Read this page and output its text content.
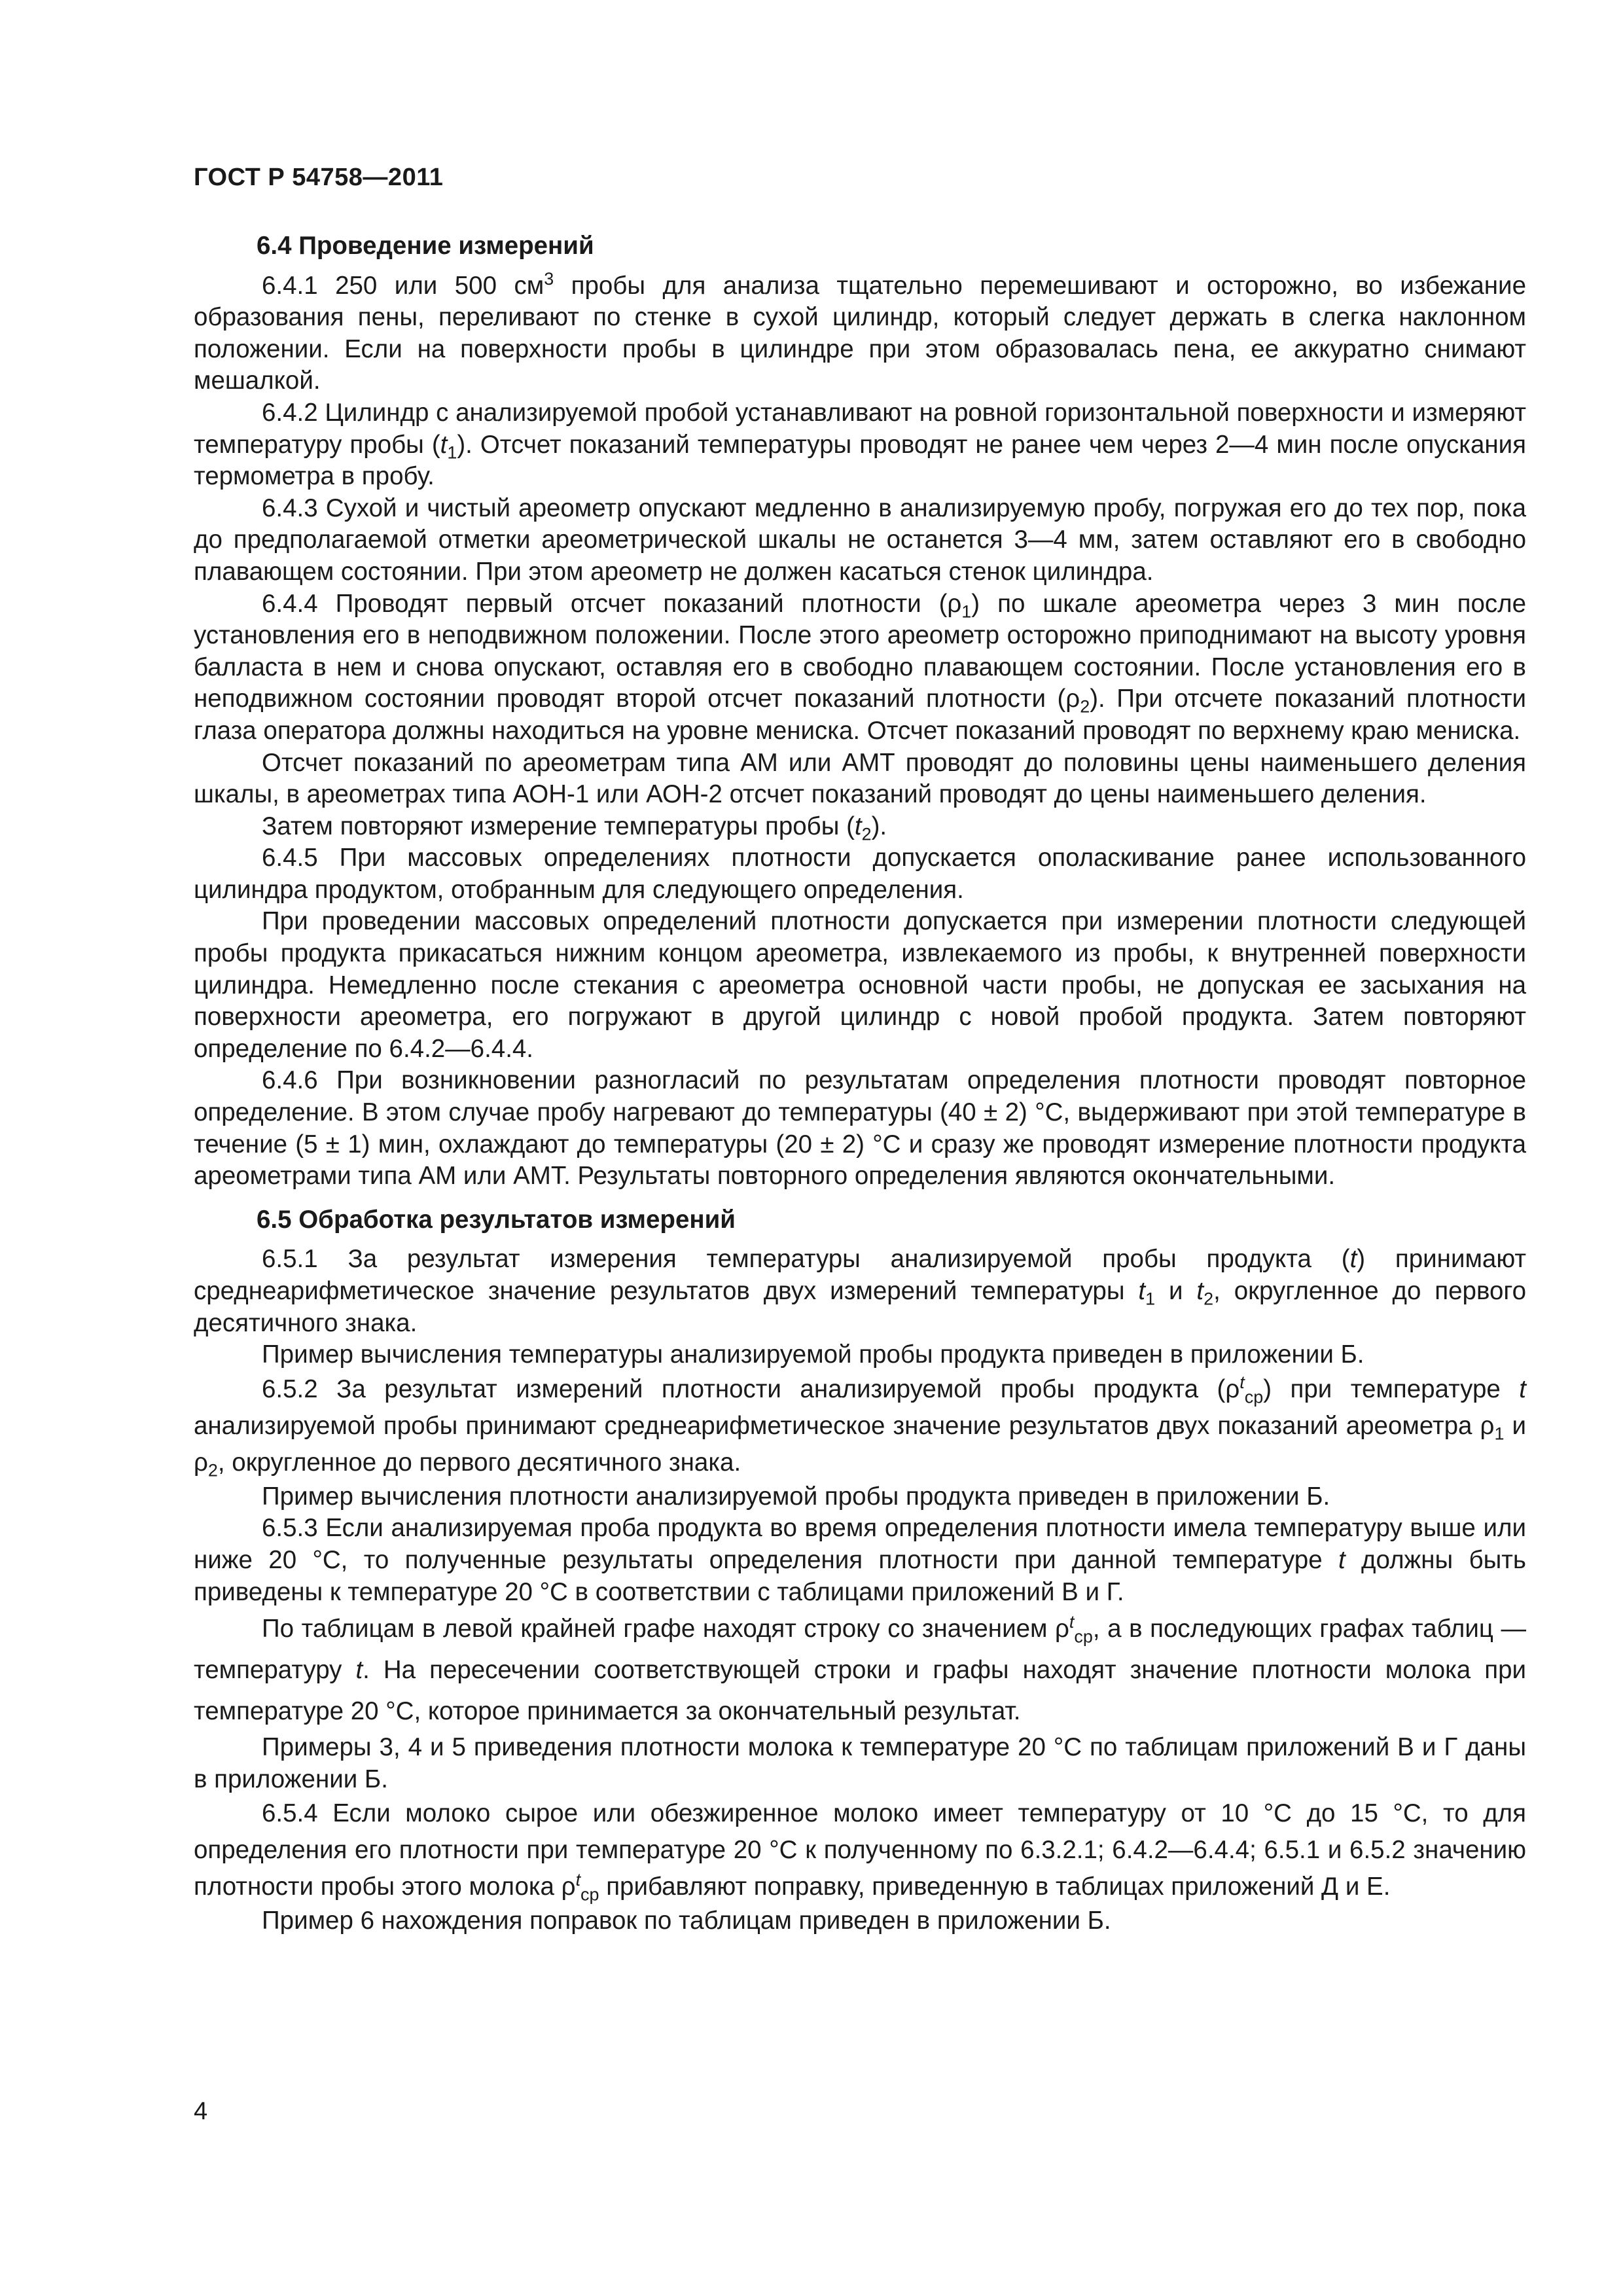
ГОСТ Р 54758—2011
6.4 Проведение измерений

6.4.1 250 или 500 $см^3$ пробы для анализа тщательно перемешивают и осторожно, во избежание образования пены, переливают по стенке в сухой цилиндр, который следует держать в слегка наклонном положении. Если на поверхности пробы в цилиндре при этом образовалась пена, ее аккуратно снимают мешалкой.

6.4.2 Цилиндр с анализируемой пробой устанавливают на ровной горизонтальной поверхности и измеряют температуру пробы $(t_1)$. Отсчет показаний температуры проводят не ранее чем через 2—4 мин после опускания термометра в пробу.

6.4.3 Сухой и чистый ареометр опускают медленно в анализируемую пробу, погружая его до тех пор, пока до предполагаемой отметки ареометрической шкалы не останется 3—4 мм, затем оставляют его в свободно плавающем состоянии. При этом ареометр не должен касаться стенок цилиндра.

6.4.4 Проводят первый отсчет показаний плотности $(\rho_1)$ по шкале ареометра через 3 мин после установления его в неподвижном положении. После этого ареометр осторожно приподнимают на высоту уровня балласта в нем и снова опускают, оставляя его в свободно плавающем состоянии. После установления его в неподвижном состоянии проводят второй отсчет показаний плотности $(\rho_2)$. При отсчете показаний плотности глаза оператора должны находиться на уровне мениска. Отсчет показаний проводят по верхнему краю мениска.

Отсчет показаний по ареометрам типа АМ или АМТ проводят до половины цены наименьшего деления шкалы, в ареометрах типа АОН-1 или АОН-2 отсчет показаний проводят до цены наименьшего деления.

Затем повторяют измерение температуры пробы $(t_2)$.

6.4.5 При массовых определениях плотности допускается ополаскивание ранее использованного цилиндра продуктом, отобранным для следующего определения.

При проведении массовых определений плотности допускается при измерении плотности следующей пробы продукта прикасаться нижним концом ареометра, извлекаемого из пробы, к внутренней поверхности цилиндра. Немедленно после стекания с ареометра основной части пробы, не допуская ее засыхания на поверхности ареометра, его погружают в другой цилиндр с новой пробой продукта. Затем повторяют определение по 6.4.2—6.4.4.

6.4.6 При возникновении разногласий по результатам определения плотности проводят повторное определение. В этом случае пробу нагревают до температуры (40 ± 2) °С, выдерживают при этой температуре в течение (5 ± 1) мин, охлаждают до температуры (20 ± 2) °С и сразу же проводят измерение плотности продукта ареометрами типа АМ или АМТ. Результаты повторного определения являются окончательными.

6.5 Обработка результатов измерений

6.5.1 За результат измерения температуры анализируемой пробы продукта (t) принимают среднеарифметическое значение результатов двух измерений температуры $t_1$ и $t_2$, округленное до первого десятичного знака.

Пример вычисления температуры анализируемой пробы продукта приведен в приложении Б.

6.5.2 За результат измерений плотности анализируемой пробы продукта $(\rho^t_{ср})$ при температуре t анализируемой пробы принимают среднеарифметическое значение результатов двух показаний ареометра $\rho_1$ и $\rho_2$, округленное до первого десятичного знака.

Пример вычисления плотности анализируемой пробы продукта приведен в приложении Б.

6.5.3 Если анализируемая проба продукта во время определения плотности имела температуру выше или ниже 20 °С, то полученные результаты определения плотности при данной температуре t должны быть приведены к температуре 20 °С в соответствии с таблицами приложений В и Г.

По таблицам в левой крайней графе находят строку со значением $\rho^t_{ср}$, а в последующих графах таблиц — температуру t. На пересечении соответствующей строки и графы находят значение плотности молока при температуре 20 °С, которое принимается за окончательный результат.

Примеры 3, 4 и 5 приведения плотности молока к температуре 20 °С по таблицам приложений В и Г даны в приложении Б.

6.5.4 Если молоко сырое или обезжиренное молоко имеет температуру от 10 °С до 15 °С, то для определения его плотности при температуре 20 °С к полученному по 6.3.2.1; 6.4.2—6.4.4; 6.5.1 и 6.5.2 значению плотности пробы этого молока $\rho^t_{ср}$ прибавляют поправку, приведенную в таблицах приложений Д и Е.

Пример 6 нахождения поправок по таблицам приведен в приложении Б.

4
